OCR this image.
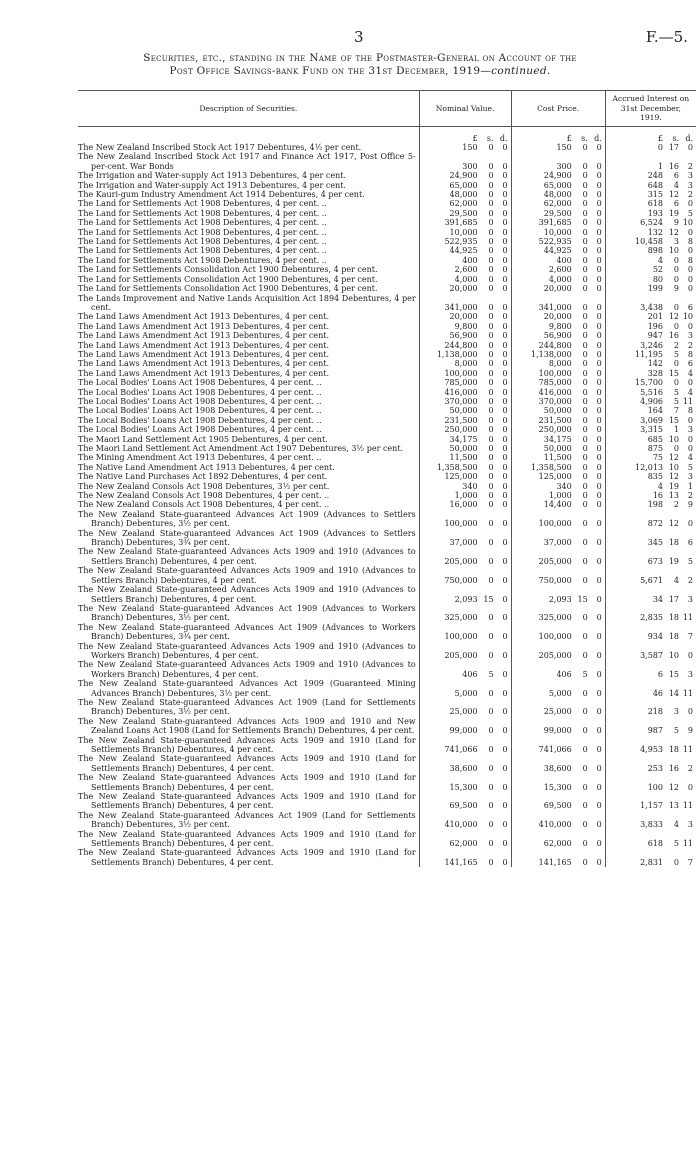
3	F.—5.
Securities, etc., standing in the Name of the Postmaster-General on Account of the
Post Office Savings-bank Fund on the 31st December, 1919—continued.
Description of Securities.	Nominal Value.	Cost Price.	Accrued Interest on 31st December, 1919.

	£ s. d.	£ s. d.	£ s. d.

The New Zealand Inscribed Stock Act 1917 Debentures, 4½ per cent.	150 0 0	150 0 0	0 17 0

The New Zealand Inscribed Stock Act 1917 and Finance Act 1917, Post Office 5-per-cent. War Bonds	300 0 0	300 0 0	1 16 2

The Irrigation and Water-supply Act 1913 Debentures, 4 per cent.	24,900 0 0	24,900 0 0	248 6 3

The Irrigation and Water-supply Act 1913 Debentures, 4 per cent.	65,000 0 0	65,000 0 0	648 4 3

The Kauri-gum Industry Amendment Act 1914 Debentures, 4 per cent.	48,000 0 0	48,000 0 0	315 12 2

The Land for Settlements Act 1908 Debentures, 4 per cent. ..	62,000 0 0	62,000 0 0	618 6 0

The Land for Settlements Act 1908 Debentures, 4 per cent. ..	29,500 0 0	29,500 0 0	193 19 5

The Land for Settlements Act 1908 Debentures, 4 per cent. ..	391,685 0 0	391,685 0 0	6,524 9 10

The Land for Settlements Act 1908 Debentures, 4 per cent. ..	10,000 0 0	10,000 0 0	132 12 0

The Land for Settlements Act 1908 Debentures, 4 per cent. ..	522,935 0 0	522,935 0 0	10,458 3 8

The Land for Settlements Act 1908 Debentures, 4 per cent. ..	44,925 0 0	44,925 0 0	898 10 0

The Land for Settlements Act 1908 Debentures, 4 per cent. ..	400 0 0	400 0 0	4 0 8

The Land for Settlements Consolidation Act 1900 Debentures, 4 per cent.	2,600 0 0	2,600 0 0	52 0 0

The Land for Settlements Consolidation Act 1900 Debentures, 4 per cent.	4,000 0 0	4,000 0 0	80 0 0

The Land for Settlements Consolidation Act 1900 Debentures, 4 per cent.	20,000 0 0	20,000 0 0	199 9 0

The Lands Improvement and Native Lands Acquisition Act 1894 Debentures, 4 per cent.	341,000 0 0	341,000 0 0	3,438 0 6

The Land Laws Amendment Act 1913 Debentures, 4 per cent.	20,000 0 0	20,000 0 0	201 12 10

The Land Laws Amendment Act 1913 Debentures, 4 per cent.	9,800 0 0	9,800 0 0	196 0 0

The Land Laws Amendment Act 1913 Debentures, 4 per cent.	56,900 0 0	56,900 0 0	947 16 3

The Land Laws Amendment Act 1913 Debentures, 4 per cent.	244,800 0 0	244,800 0 0	3,246 2 2

The Land Laws Amendment Act 1913 Debentures, 4 per cent.	1,138,000 0 0	1,138,000 0 0	11,195 5 8

The Land Laws Amendment Act 1913 Debentures, 4 per cent.	8,000 0 0	8,000 0 0	142 0 6

The Land Laws Amendment Act 1913 Debentures, 4 per cent.	100,000 0 0	100,000 0 0	328 15 4

The Local Bodies' Loans Act 1908 Debentures, 4 per cent. ..	785,000 0 0	785,000 0 0	15,700 0 0

The Local Bodies' Loans Act 1908 Debentures, 4 per cent. ..	416,000 0 0	416,000 0 0	5,516 5 4

The Local Bodies' Loans Act 1908 Debentures, 4 per cent. ..	370,000 0 0	370,000 0 0	4,906 5 11

The Local Bodies' Loans Act 1908 Debentures, 4 per cent. ..	50,000 0 0	50,000 0 0	164 7 8

The Local Bodies' Loans Act 1908 Debentures, 4 per cent. ..	231,500 0 0	231,500 0 0	3,069 15 0

The Local Bodies' Loans Act 1908 Debentures, 4 per cent. ..	250,000 0 0	250,000 0 0	3,315 1 3

The Maori Land Settlement Act 1905 Debentures, 4 per cent.	34,175 0 0	34,175 0 0	685 10 0

The Maori Land Settlement Act Amendment Act 1907 Debentures, 3½ per cent.	50,000 0 0	50,000 0 0	875 0 0

The Mining Amendment Act 1913 Debentures, 4 per cent. ..	11,500 0 0	11,500 0 0	75 12 4

The Native Land Amendment Act 1913 Debentures, 4 per cent.	1,358,500 0 0	1,358,500 0 0	12,013 10 5

The Native Land Purchases Act 1892 Debentures, 4 per cent.	125,000 0 0	125,000 0 0	835 12 3

The New Zealand Consols Act 1908 Debentures, 3½ per cent.	340 0 0	340 0 0	4 19 1

The New Zealand Consols Act 1908 Debentures, 4 per cent. ..	1,000 0 0	1,000 0 0	16 13 2

The New Zealand Consols Act 1908 Debentures, 4 per cent. ..	16,000 0 0	14,400 0 0	198 2 9

The New Zealand State-guaranteed Advances Act 1909 (Advances to Settlers Branch) Debentures, 3½ per cent.	100,000 0 0	100,000 0 0	872 12 0

The New Zealand State-guaranteed Advances Act 1909 (Advances to Settlers Branch) Debentures, 3¾ per cent.	37,000 0 0	37,000 0 0	345 18 6

The New Zealand State-guaranteed Advances Acts 1909 and 1910 (Advances to Settlers Branch) Debentures, 4 per cent.	205,000 0 0	205,000 0 0	673 19 5

The New Zealand State-guaranteed Advances Acts 1909 and 1910 (Advances to Settlers Branch) Debentures, 4 per cent.	750,000 0 0	750,000 0 0	5,671 4 2

The New Zealand State-guaranteed Advances Acts 1909 and 1910 (Advances to Settlers Branch) Debentures, 4 per cent.	2,093 15 0	2,093 15 0	34 17 3

The New Zealand State-guaranteed Advances Act 1909 (Advances to Workers Branch) Debentures, 3½ per cent.	325,000 0 0	325,000 0 0	2,835 18 11

The New Zealand State-guaranteed Advances Act 1909 (Advances to Workers Branch) Debentures, 3¾ per cent.	100,000 0 0	100,000 0 0	934 18 7

The New Zealand State-guaranteed Advances Acts 1909 and 1910 (Advances to Workers Branch) Debentures, 4 per cent.	205,000 0 0	205,000 0 0	3,587 10 0

The New Zealand State-guaranteed Advances Acts 1909 and 1910 (Advances to Workers Branch) Debentures, 4 per cent.	406 5 0	406 5 0	6 15 3

The New Zealand State-guaranteed Advances Act 1909 (Guaranteed Mining Advances Branch) Debentures, 3½ per cent.	5,000 0 0	5,000 0 0	46 14 11

The New Zealand State-guaranteed Advances Act 1909 (Land for Settlements Branch) Debentures, 3½ per cent.	25,000 0 0	25,000 0 0	218 3 0

The New Zealand State-guaranteed Advances Acts 1909 and 1910 and New Zealand Loans Act 1908 (Land for Settlements Branch) Debentures, 4 per cent.	99,000 0 0	99,000 0 0	987 5 9

The New Zealand State-guaranteed Advances Acts 1909 and 1910 (Land for Settlements Branch) Debentures, 4 per cent.	741,066 0 0	741,066 0 0	4,953 18 11

The New Zealand State-guaranteed Advances Acts 1909 and 1910 (Land for Settlements Branch) Debentures, 4 per cent.	38,600 0 0	38,600 0 0	253 16 2

The New Zealand State-guaranteed Advances Acts 1909 and 1910 (Land for Settlements Branch) Debentures, 4 per cent.	15,300 0 0	15,300 0 0	100 12 0

The New Zealand State-guaranteed Advances Acts 1909 and 1910 (Land for Settlements Branch) Debentures, 4 per cent.	69,500 0 0	69,500 0 0	1,157 13 11

The New Zealand State-guaranteed Advances Act 1909 (Land for Settlements Branch) Debentures, 3½ per cent.	410,000 0 0	410,000 0 0	3,833 4 3

The New Zealand State-guaranteed Advances Acts 1909 and 1910 (Land for Settlements Branch) Debentures, 4 per cent.	62,000 0 0	62,000 0 0	618 5 11

The New Zealand State-guaranteed Advances Acts 1909 and 1910 (Land for Settlements Branch) Debentures, 4 per cent.	141,165 0 0	141,165 0 0	2,831 0 7
